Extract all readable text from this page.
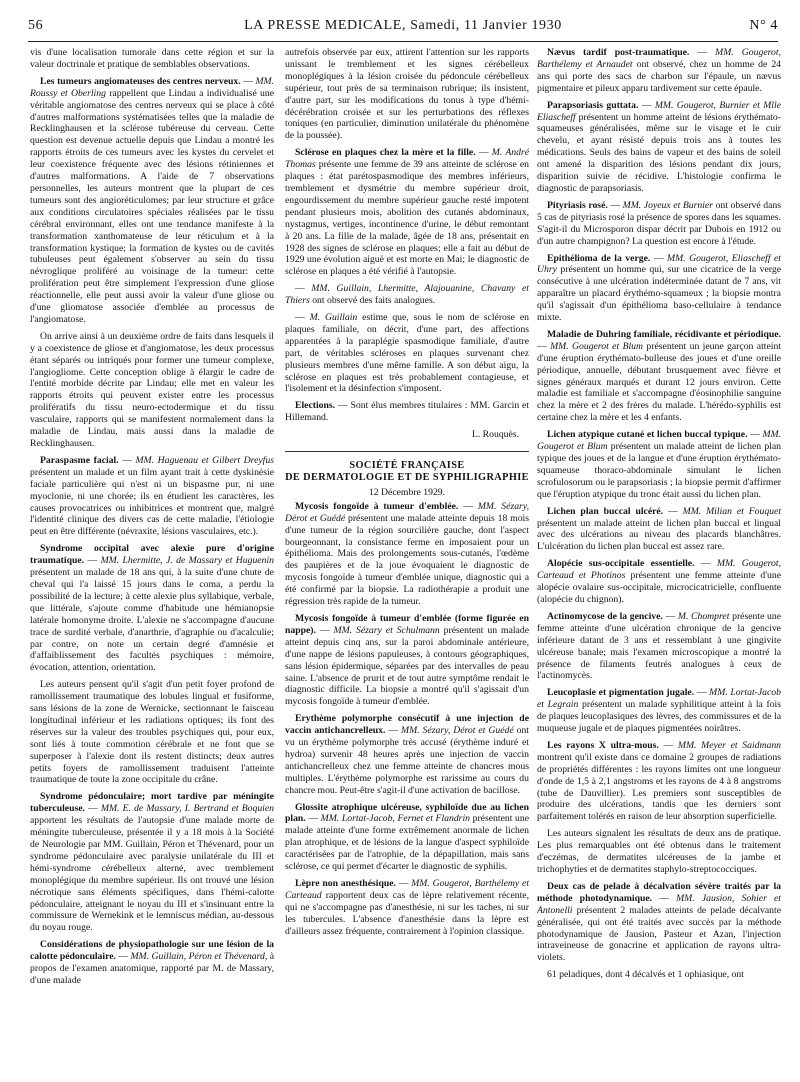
56	LA PRESSE MEDICALE, Samedi, 11 Janvier 1930	N° 4

vis d'une localisation tumorale dans cette région et sur la valeur doctrinale et pratique de semblables observations.

Les tumeurs angiomateuses des centres nerveux. — MM. Roussy et Oberling rappellent que Lindau a individualisé une véritable angiomatose des centres nerveux qui se place à côté d'autres malformations systématisées telles que la maladie de Recklinghausen et la sclérose tubéreuse du cerveau. Cette question est devenue actuelle depuis que Lindau a montré les rapports étroits de ces tumeurs avec les kystes du cervelet et leur coexistence fréquente avec des lésions rétiniennes et d'autres malformations. A l'aide de 7 observations personnelles, les auteurs montrent que la plupart de ces tumeurs sont des angioréticulomes; par leur structure et grâce aux conditions circulatoires spéciales réalisées par le tissu cérébral environnant, elles ont une tendance manifeste à la transformation xanthomateuse de leur réticulum et à la transformation kystique; la formation de kystes ou de cavités tubuleuses peut également s'observer au sein du tissu névroglique proliféré au voisinage de la tumeur: cette prolifération peut être simplement l'expression d'une gliose réactionnelle, elle peut aussi avoir la valeur d'une gliose ou d'une gliomatose associée d'emblée au processus de l'angiomatose.

On arrive ainsi à un deuxième ordre de faits dans lesquels il y a coexistence de gliose et d'angiomatose, les deux processus étant séparés ou intriqués pour former une tumeur complexe, l'angiogliome. Cette conception oblige à élargir le cadre de l'entité morbide décrite par Lindau; elle met en valeur les rapports étroits qui peuvent exister entre les processus prolifératifs du tissu neuro-ectodermique et du tissu vasculaire, rapports qui se manifestent normalement dans la maladie de Lindau, mais aussi dans la maladie de Recklinghausen.

Paraspasme facial. — MM. Haguenau et Gilbert Dreyfus présentent un malade et un film ayant trait à cette dyskinésie faciale particulière qui n'est ni un bispasme pur, ni une myoclonie, ni une chorée; ils en étudient les caractères, les causes provocatrices ou inhibitrices et montrent que, malgré l'identité clinique des divers cas de cette maladie, l'étiologie peut en être différente (névraxite, lésions vasculaires, etc.).

Syndrome occipital avec alexie pure d'origine traumatique. — MM. Lhermitte, J. de Massary et Huguenin présentent un malade de 18 ans qui, à la suite d'une chute de cheval qui l'a laissé 15 jours dans le coma, a perdu la possibilité de la lecture; à cette alexie plus syllabique, verbale, que littérale, s'ajoute comme d'habitude une hémianopsie latérale homonyme droite. L'alexie ne s'accompagne d'aucune trace de surdité verbale, d'anarthrie, d'agraphie ou d'acalculie; par contre, on note un certain degré d'amnésie et d'affaiblissement des facultés psychiques : mémoire, évocation, attention, orientation.

Les auteurs pensent qu'il s'agit d'un petit foyer profond de ramollissement traumatique des lobules lingual et fusiforme, sans lésions de la zone de Wernicke, sectionnant le faisceau longitudinal inférieur et les radiations optiques; ils font des réserves sur la valeur des troubles psychiques qui, pour eux, sont liés à toute commotion cérébrale et ne font que se superposer à l'alexie dont ils restent distincts; deux autres petits foyers de ramollissement traduisent l'atteinte traumatique de toute la zone occipitale du crâne.

Syndrome pédonculaire; mort tardive par méningite tuberculeuse. — MM. E. de Massary, I. Bertrand et Boquien apportent les résultats de l'autopsie d'une malade morte de méningite tuberculeuse, présentée il y a 18 mois à la Société de Neurologie par MM. Guillain, Péron et Thévenard, pour un syndrome pédonculaire avec paralysie unilatérale du III et hémi-syndrome cérébelleux alterné, avec tremblement monoplégique du membre supérieur. Ils ont trouvé une lésion nécrotique sans éléments spécifiques, dans l'hémi-calotte pédonculaire, atteignant le noyau du III et s'insinuant entre la commissure de Wernekink et le lemniscus médian, au-dessous du noyau rouge.

Considérations de physiopathologie sur une lésion de la calotte pédonculaire. — MM. Guillain, Péron et Thévenard, à propos de l'examen anatomique, rapporté par M. de Massary, d'une malade

autrefois observée par eux, attirent l'attention sur les rapports unissant le tremblement et les signes cérébelleux monoplégiques à la lésion croisée du pédoncule cérébelleux supérieur, tout près de sa terminaison rubrique; ils insistent, d'autre part, sur les modifications du tonus à type d'hémi-décérébration croisée et sur les perturbations des réflexes toniques (en particulier, diminution unilatérale du phénomène de la poussée).

Sclérose en plaques chez la mère et la fille. — M. André Thomas présente une femme de 39 ans atteinte de sclérose en plaques : état parétospasmodique des membres inférieurs, tremblement et dysmétrie du membre supérieur droit, engourdissement du membre supérieur gauche resté impotent pendant plusieurs mois, abolition des cutanés abdominaux, nystagmus, vertiges, incontinence d'urine, le début remontant à 20 ans. La fille de la malade, âgée de 18 ans, présentait en 1928 des signes de sclérose en plaques; elle a fait au début de 1929 une évolution aiguë et est morte en Mai; le diagnostic de sclérose en plaques a été vérifié à l'autopsie.

— MM. Guillain, Lhermitte, Alajouanine, Chavany et Thiers ont observé des faits analogues.

— M. Guillain estime que, sous le nom de sclérose en plaques familiale, on décrit, d'une part, des affections apparentées à la paraplégie spasmodique familiale, d'autre part, de véritables scléroses en plaques survenant chez plusieurs membres d'une même famille. A son début aigu, la sclérose en plaques est très probablement contagieuse, et l'isolement et la désinfection s'imposent.

Elections. — Sont élus membres titulaires : MM. Garcin et Hillemand.

L. Rouquès.
SOCIÉTÉ FRANÇAISE
DE DERMATOLOGIE ET DE SYPHILIGRAPHIE
12 Décembre 1929.

Mycosis fongoïde à tumeur d'emblée. — MM. Sézary, Dérot et Guédé présentent une malade atteinte depuis 18 mois d'une tumeur de la région sourcilière gauche, dont l'aspect bourgeonnant, la consistance ferme en imposaient pour un épithélioma. Mais des prolongements sous-cutanés, l'œdème des paupières et de la joue évoquaient le diagnostic de mycosis fongoïde à tumeur d'emblée unique, diagnostic qui a été confirmé par la biopsie. La radiothérapie a produit une régression très rapide de la tumeur.

Mycosis fongoïde à tumeur d'emblée (forme figurée en nappe). — MM. Sézary et Schulmann présentent un malade atteint depuis cinq ans, sur la paroi abdominale antérieure, d'une nappe de lésions papuleuses, à contours géographiques, sans lésion épidermique, séparées par des intervalles de peau saine. L'absence de prurit et de tout autre symptôme rendait le diagnostic difficile. La biopsie a montré qu'il s'agissait d'un mycosis fongoïde à tumeur d'emblée.

Erythème polymorphe consécutif à une injection de vaccin antichancrelleux. — MM. Sézary, Dérot et Guédé ont vu un érythème polymorphe très accusé (érythème induré et hydroa) survenir 48 heures après une injection de vaccin antichancrelleux chez une femme atteinte de chancres mous multiples. L'érythème polymorphe est rarissime au cours du chancre mou. Peut-être s'agit-il d'une activation de bacillose.

Glossite atrophique ulcéreuse, syphiloïde due au lichen plan. — MM. Lortat-Jacob, Fernet et Flandrin présentent une malade atteinte d'une forme extrêmement anormale de lichen plan atrophique, et de lésions de la langue d'aspect syphiloïde caractérisées par de l'atrophie, de la dépapillation, mais sans sclérose, ce qui permet d'écarter le diagnostic de syphilis.

Lèpre non anesthésique. — MM. Gougerot, Barthélemy et Carteaud rapportent deux cas de lèpre relativement récente, qui ne s'accompagne pas d'anesthésie, ni sur les taches, ni sur les tubercules. L'absence d'anesthésie dans la lèpre est d'ailleurs assez fréquente, contrairement à l'opinion classique.

Nævus tardif post-traumatique. — MM. Gougerot, Barthélemy et Arnaudet ont observé, chez un homme de 24 ans qui porte des sacs de charbon sur l'épaule, un nævus pigmentaire et pileux apparu tardivement sur cette épaule.

Parapsoriasis guttata. — MM. Gougerot, Burnier et Mlle Eliascheff présentent un homme atteint de lésions érythémato-squameuses généralisées, même sur le visage et le cuir chevelu, et ayant résisté depuis trois ans à toutes les médications. Seuls des bains de vapeur et des bains de soleil ont amené la disparition des lésions pendant dix jours, disparition suivie de récidive. L'histologie confirma le diagnostic de parapsoriasis.

Pityriasis rosé. — MM. Joyeux et Burnier ont observé dans 5 cas de pityriasis rosé la présence de spores dans les squames. S'agit-il du Microsporon dispar décrit par Dubois en 1912 ou d'un autre champignon? La question est encore à l'étude.

Epithélioma de la verge. — MM. Gougerot, Eliascheff et Uhry présentent un homme qui, sur une cicatrice de la verge consécutive à une ulcération indéterminée datant de 7 ans, vit apparaître un placard érythémo-squameux ; la biopsie montra qu'il s'agissait d'un épithélioma baso-cellulaire à tendance mixte.

Maladie de Duhring familiale, récidivante et périodique. — MM. Gougerot et Blum présentent un jeune garçon atteint d'une éruption érythémato-bulleuse des joues et d'une oreille périodique, annuelle, débutant brusquement avec fièvre et signes généraux marqués et durant 12 jours environ. Cette maladie est familiale et s'accompagne d'éosinophilie sanguine chez la mère et 2 des frères du malade. L'hérédo-syphilis est certaine chez la mère et les 4 enfants.

Lichen atypique cutané et lichen buccal typique. — MM. Gougerot et Blum présentent un malade atteint de lichen plan typique des joues et de la langue et d'une éruption érythémato-squameuse thoraco-abdominale simulant le lichen scrofulosorum ou le parapsoriasis ; la biopsie permit d'affirmer que l'éruption atypique du tronc était aussi du lichen plan.

Lichen plan buccal ulcéré. — MM. Milian et Fouquet présentent un malade atteint de lichen plan buccal et lingual avec des ulcérations au niveau des placards blanchâtres. L'ulcération du lichen plan buccal est assez rare.

Alopécie sus-occipitale essentielle. — MM. Gougerot, Carteaud et Photinos présentent une femme atteinte d'une alopécie ovalaire sus-occipitale, microcicatricielle, confluente (alopécie du chignon).

Actinomycose de la gencive. — M. Chompret présente une femme atteinte d'une ulcération chronique de la gencive inférieure datant de 3 ans et ressemblant à une gingivite ulcéreuse banale; mais l'examen microscopique a montré la présence de filaments feutrés analogues à ceux de l'actinomycès.

Leucoplasie et pigmentation jugale. — MM. Lortat-Jacob et Legrain présentent un malade syphilitique atteint à la fois de plaques leucoplasiques des lèvres, des commissures et de la muqueuse jugale et de plaques pigmentées noirâtres.

Les rayons X ultra-mous. — MM. Meyer et Saidmann montrent qu'il existe dans ce domaine 2 groupes de radiations de propriétés différentes : les rayons limites ont une longueur d'onde de 1,5 à 2,1 angstroms et les rayons de 4 à 8 angstroms (tube de Dauvillier). Les premiers sont susceptibles de produire des ulcérations, tandis que les derniers sont parfaitement tolérés en raison de leur absorption superficielle.

Les auteurs signalent les résultats de deux ans de pratique. Les plus remarquables ont été obtenus dans le traitement d'eczémas, de dermatites ulcéreuses de la jambe et trichophyties et de dermatites staphylo-streptococciques.

Deux cas de pelade à décalvation sévère traités par la méthode photodynamique. — MM. Jausion, Sohier et Antonelli présentent 2 malades atteints de pelade décalvante généralisée, qui ont été traités avec succès par la méthode photodynamique de Jausion, Pasteur et Azan, l'injection intraveineuse de gonacrine et application de rayons ultra-violets.

61 peladiques, dont 4 décalvés et 1 ophiasique, ont
